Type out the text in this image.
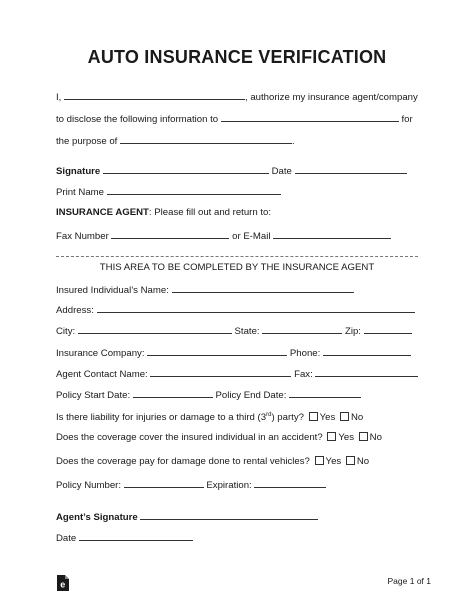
AUTO INSURANCE VERIFICATION
I,	, authorize my insurance agent/company
to disclose the following information to	for
the purpose of	.
Signature	Date
Print Name
INSURANCE AGENT: Please fill out and return to:
Fax Number	or E-Mail
THIS AREA TO BE COMPLETED BY THE INSURANCE AGENT
Insured Individual’s Name:
Address:
City:	State:	Zip:
Insurance Company:	Phone:
Agent Contact Name:	Fax:
Policy Start Date:	Policy End Date:
Is there liability for injuries or damage to a third (3rd) party? Yes No
Does the coverage cover the insured individual in an accident? Yes No
Does the coverage pay for damage done to rental vehicles? Yes No
Policy Number:	Expiration:
Agent’s Signature
Date
e	Page 1 of 1
